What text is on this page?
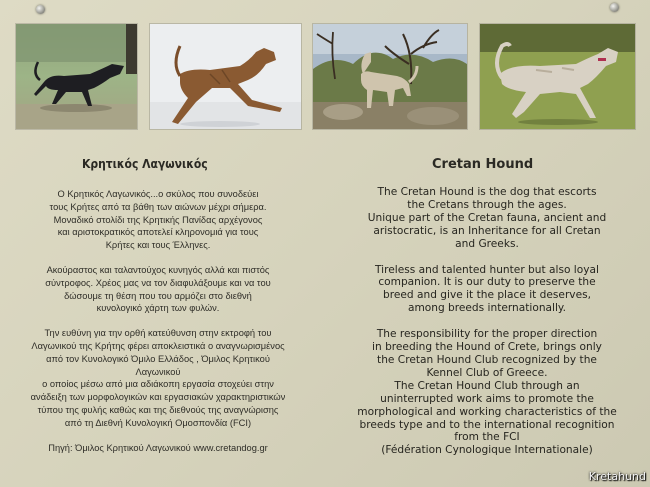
Κρητικός Λαγωνικός

Ο Κρητικός Λαγωνικός...ο σκύλος που συνοδεύει
τους Κρήτες από τα βάθη των αιώνων μέχρι σήμερα.
Μοναδικό στολίδι της Κρητικής Πανίδας αρχέγονος
και αριστοκρατικός αποτελεί κληρονομιά για τους
Κρήτες και τους Έλληνες.

Ακούραστος και ταλαντούχος κυνηγός αλλά και πιστός
σύντροφος. Χρέος μας να τον διαφυλάξουμε και να του
δώσουμε τη θέση που του αρμόζει στο διεθνή
κυνολογικό χάρτη των φυλών.

Την ευθύνη για την ορθή κατεύθυνση στην εκτροφή του
Λαγωνικού της Κρήτης φέρει αποκλειστικά ο αναγνωρισμένος
από τον Κυνολογικό Όμιλο Ελλάδος , Όμιλος Κρητικού Λαγωνικού
ο οποίος μέσω από μια αδιάκοπη εργασία στοχεύει στην
ανάδειξη των μορφολογικών και εργασιακών χαρακτηριστικών
τύπου της φυλής καθώς και της διεθνούς της αναγνώρισης
από τη Διεθνή Κυνολογική Ομοσπονδία (FCI)

Πηγή: Όμιλος Κρητικού Λαγωνικού www.cretandog.gr

Cretan Hound

The Cretan Hound is the dog that escorts
the Cretans through the ages.
Unique part of the Cretan fauna, ancient and
aristocratic, is an Inheritance for all Cretan
and Greeks.

Tireless and talented hunter but also loyal
companion. It is our duty to preserve the
breed and give it the place it deserves,
among breeds internationally.

The responsibility for the proper direction
in breeding the Hound of Crete, brings only
the Cretan Hound Club recognized by the
Kennel Club of Greece.
The Cretan Hound Club through an
uninterrupted work aims to promote the
morphological and working characteristics of the
breeds type and to the international recognition
from the FCI
(Fédération Cynologique Internationale)

Kretahund
